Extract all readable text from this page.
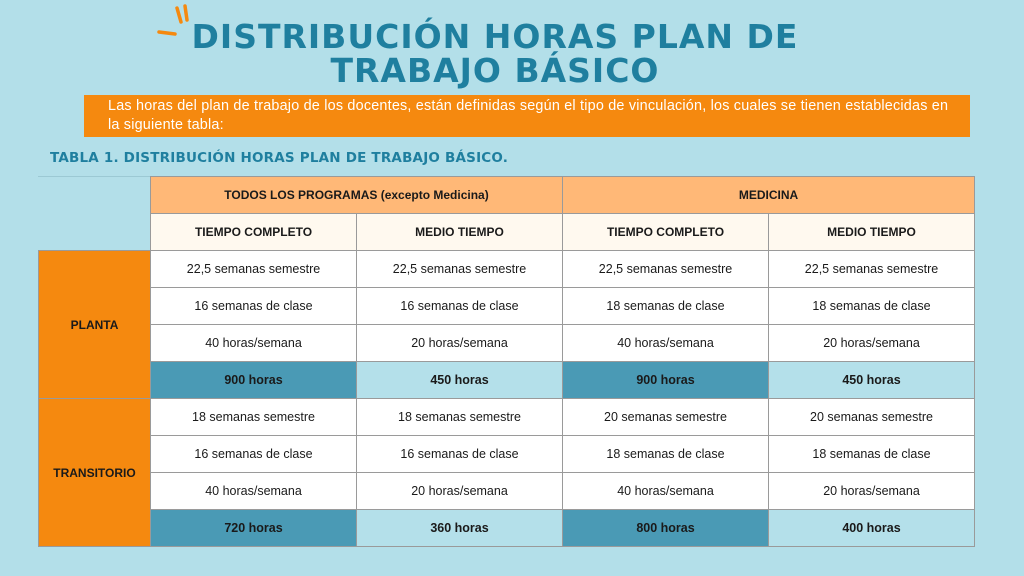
DISTRIBUCIÓN HORAS PLAN DE TRABAJO BÁSICO
Las horas del plan de trabajo de los docentes, están definidas según el tipo de vinculación, los cuales se tienen establecidas en la siguiente tabla:
TABLA 1. DISTRIBUCIÓN HORAS PLAN DE TRABAJO BÁSICO.
	TODOS LOS PROGRAMAS (excepto Medicina)		MEDICINA	
	TIEMPO COMPLETO	MEDIO TIEMPO	TIEMPO COMPLETO	MEDIO TIEMPO
PLANTA	22,5 semanas semestre	22,5 semanas semestre	22,5 semanas semestre	22,5 semanas semestre
	16 semanas de clase	16 semanas de clase	18 semanas de clase	18 semanas de clase
	40 horas/semana	20 horas/semana	40 horas/semana	20 horas/semana
	900 horas	450 horas	900 horas	450 horas
TRANSITORIO	18 semanas semestre	18 semanas semestre	20 semanas semestre	20 semanas semestre
	16 semanas de clase	16 semanas de clase	18 semanas de clase	18 semanas de clase
	40 horas/semana	20 horas/semana	40 horas/semana	20 horas/semana
	720 horas	360 horas	800 horas	400 horas
